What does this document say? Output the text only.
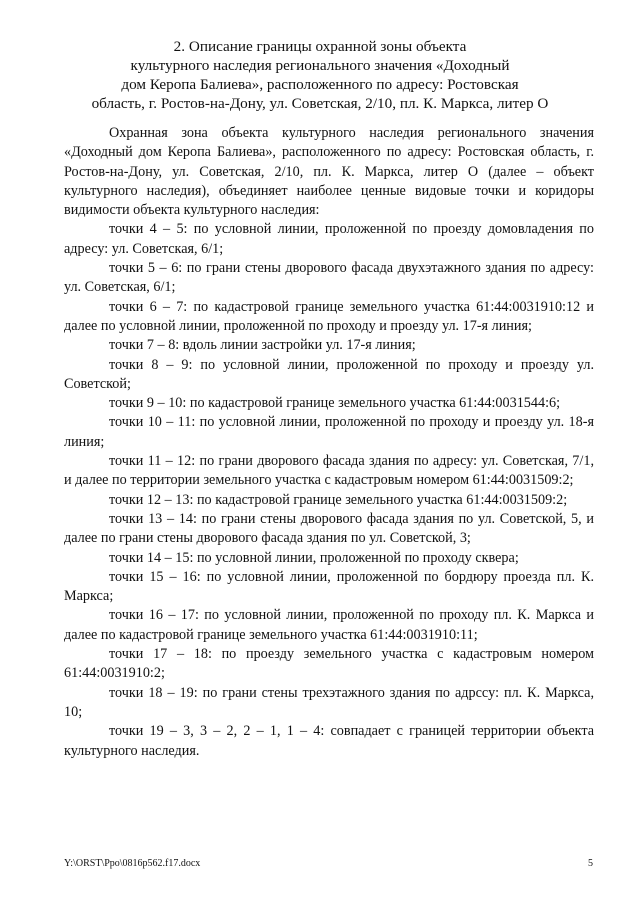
2. Описание границы охранной зоны объекта
культурного наследия регионального значения «Доходный
дом Керопа Балиева», расположенного по адресу: Ростовская
область, г. Ростов-на-Дону, ул. Советская, 2/10, пл. К. Маркса, литер О

Охранная зона объекта культурного наследия регионального значения «Доходный дом Керопа Балиева», расположенного по адресу: Ростовская область, г. Ростов-на-Дону, ул. Советская, 2/10, пл. К. Маркса, литер О (далее – объект культурного наследия), объединяет наиболее ценные видовые точки и коридоры видимости объекта культурного наследия:

точки 4 – 5: по условной линии, проложенной по проезду домовладения по адресу: ул. Советская, 6/1;

точки 5 – 6: по грани стены дворового фасада двухэтажного здания по адресу: ул. Советская, 6/1;

точки 6 – 7: по кадастровой границе земельного участка 61:44:0031910:12 и далее по условной линии, проложенной по проходу и проезду ул. 17-я линия;

точки 7 – 8: вдоль линии застройки ул. 17-я линия;

точки 8 – 9: по условной линии, проложенной по проходу и проезду ул. Советской;

точки 9 – 10: по кадастровой границе земельного участка 61:44:0031544:6;

точки 10 – 11: по условной линии, проложенной по проходу и проезду ул. 18-я линия;

точки 11 – 12: по грани дворового фасада здания по адресу: ул. Советская, 7/1, и далее по территории земельного участка с кадастровым номером 61:44:0031509:2;

точки 12 – 13: по кадастровой границе земельного участка 61:44:0031509:2;

точки 13 – 14: по грани стены дворового фасада здания по ул. Советской, 5, и далее по грани стены дворового фасада здания по ул. Советской, 3;

точки 14 – 15: по условной линии, проложенной по проходу сквера;

точки 15 – 16: по условной линии, проложенной по бордюру проезда пл. К. Маркса;

точки 16 – 17: по условной линии, проложенной по проходу пл. К. Маркса и далее по кадастровой границе земельного участка 61:44:0031910:11;

точки 17 – 18: по проезду земельного участка с кадастровым номером 61:44:0031910:2;

точки 18 – 19: по грани стены трехэтажного здания по адрсcу: пл. К. Маркса, 10;

точки 19 – 3, 3 – 2, 2 – 1, 1 – 4: совпадает с границей территории объекта культурного наследия.

Y:\ORST\Ppo\0816p562.f17.docx	5
